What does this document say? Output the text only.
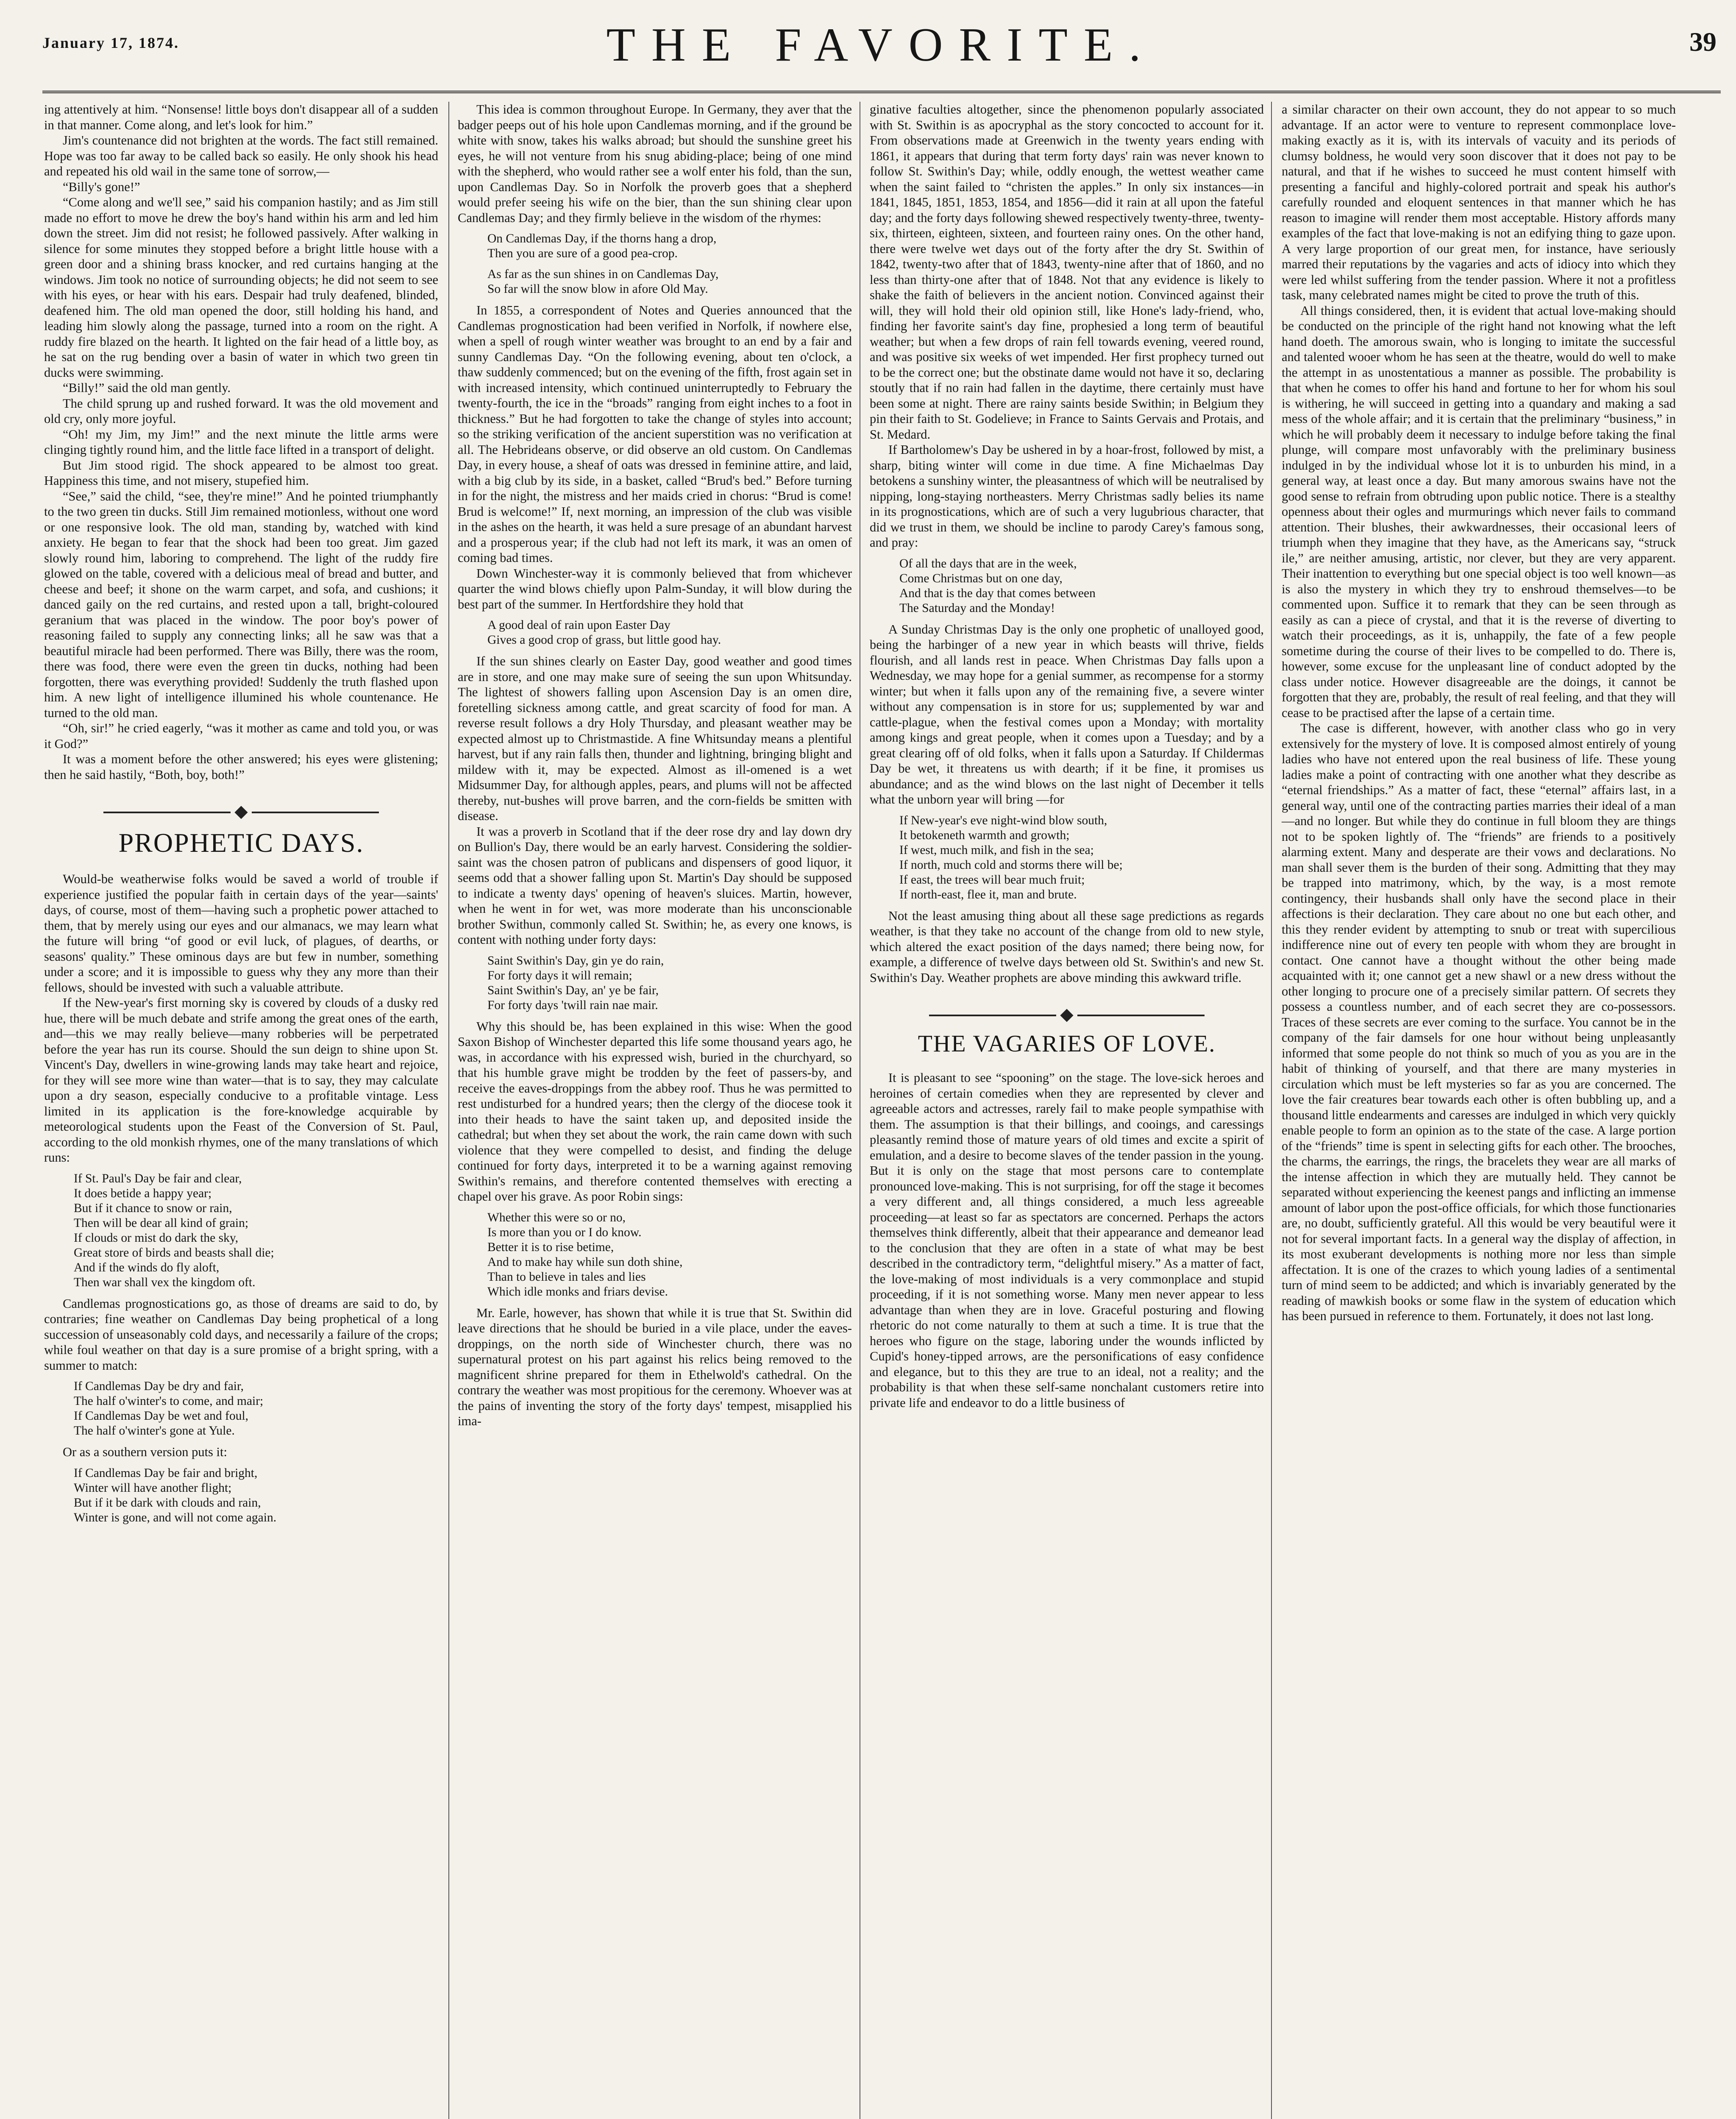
January 17, 1874.	THE FAVORITE.	39

ing attentively at him. “Nonsense! little boys don't disappear all of a sudden in that manner. Come along, and let's look for him.”

Jim's countenance did not brighten at the words. The fact still remained. Hope was too far away to be called back so easily. He only shook his head and repeated his old wail in the same tone of sorrow,—

“Billy's gone!”

“Come along and we'll see,” said his companion hastily; and as Jim still made no effort to move he drew the boy's hand within his arm and led him down the street. Jim did not resist; he followed passively. After walking in silence for some minutes they stopped before a bright little house with a green door and a shining brass knocker, and red curtains hanging at the windows. Jim took no notice of surrounding objects; he did not seem to see with his eyes, or hear with his ears. Despair had truly deafened, blinded, deafened him. The old man opened the door, still holding his hand, and leading him slowly along the passage, turned into a room on the right. A ruddy fire blazed on the hearth. It lighted on the fair head of a little boy, as he sat on the rug bending over a basin of water in which two green tin ducks were swimming.

“Billy!” said the old man gently.

The child sprung up and rushed forward. It was the old movement and old cry, only more joyful.

“Oh! my Jim, my Jim!” and the next minute the little arms were clinging tightly round him, and the little face lifted in a transport of delight.

But Jim stood rigid. The shock appeared to be almost too great. Happiness this time, and not misery, stupefied him.

“See,” said the child, “see, they're mine!” And he pointed triumphantly to the two green tin ducks. Still Jim remained motionless, without one word or one responsive look. The old man, standing by, watched with kind anxiety. He began to fear that the shock had been too great. Jim gazed slowly round him, laboring to comprehend. The light of the ruddy fire glowed on the table, covered with a delicious meal of bread and butter, and cheese and beef; it shone on the warm carpet, and sofa, and cushions; it danced gaily on the red curtains, and rested upon a tall, bright-coloured geranium that was placed in the window. The poor boy's power of reasoning failed to supply any connecting links; all he saw was that a beautiful miracle had been performed. There was Billy, there was the room, there was food, there were even the green tin ducks, nothing had been forgotten, there was everything provided! Suddenly the truth flashed upon him. A new light of intelligence illumined his whole countenance. He turned to the old man.

“Oh, sir!” he cried eagerly, “was it mother as came and told you, or was it God?”

It was a moment before the other answered; his eyes were glistening; then he said hastily, “Both, boy, both!”

PROPHETIC DAYS.

Would-be weatherwise folks would be saved a world of trouble if experience justified the popular faith in certain days of the year—saints' days, of course, most of them—having such a prophetic power attached to them, that by merely using our eyes and our almanacs, we may learn what the future will bring “of good or evil luck, of plagues, of dearths, or seasons' quality.” These ominous days are but few in number, something under a score; and it is impossible to guess why they any more than their fellows, should be invested with such a valuable attribute.

If the New-year's first morning sky is covered by clouds of a dusky red hue, there will be much debate and strife among the great ones of the earth, and—this we may really believe—many robberies will be perpetrated before the year has run its course. Should the sun deign to shine upon St. Vincent's Day, dwellers in wine-growing lands may take heart and rejoice, for they will see more wine than water—that is to say, they may calculate upon a dry season, especially conducive to a profitable vintage. Less limited in its application is the fore-knowledge acquirable by meteorological students upon the Feast of the Conversion of St. Paul, according to the old monkish rhymes, one of the many translations of which runs:

If St. Paul's Day be fair and clear,
It does betide a happy year;
But if it chance to snow or rain,
Then will be dear all kind of grain;
If clouds or mist do dark the sky,
Great store of birds and beasts shall die;
And if the winds do fly aloft,
Then war shall vex the kingdom oft.

Candlemas prognostications go, as those of dreams are said to do, by contraries; fine weather on Candlemas Day being prophetical of a long succession of unseasonably cold days, and necessarily a failure of the crops; while foul weather on that day is a sure promise of a bright spring, with a summer to match:

If Candlemas Day be dry and fair,
The half o'winter's to come, and mair;
If Candlemas Day be wet and foul,
The half o'winter's gone at Yule.

Or as a southern version puts it:

If Candlemas Day be fair and bright,
Winter will have another flight;
But if it be dark with clouds and rain,
Winter is gone, and will not come again.

This idea is common throughout Europe. In Germany, they aver that the badger peeps out of his hole upon Candlemas morning, and if the ground be white with snow, takes his walks abroad; but should the sunshine greet his eyes, he will not venture from his snug abiding-place; being of one mind with the shepherd, who would rather see a wolf enter his fold, than the sun, upon Candlemas Day. So in Norfolk the proverb goes that a shepherd would prefer seeing his wife on the bier, than the sun shining clear upon Candlemas Day; and they firmly believe in the wisdom of the rhymes:

On Candlemas Day, if the thorns hang a drop,
Then you are sure of a good pea-crop.
As far as the sun shines in on Candlemas Day,
So far will the snow blow in afore Old May.

In 1855, a correspondent of Notes and Queries announced that the Candlemas prognostication had been verified in Norfolk, if nowhere else, when a spell of rough winter weather was brought to an end by a fair and sunny Candlemas Day. “On the following evening, about ten o'clock, a thaw suddenly commenced; but on the evening of the fifth, frost again set in with increased intensity, which continued uninterruptedly to February the twenty-fourth, the ice in the “broads” ranging from eight inches to a foot in thickness.” But he had forgotten to take the change of styles into account; so the striking verification of the ancient superstition was no verification at all. The Hebrideans observe, or did observe an old custom. On Candlemas Day, in every house, a sheaf of oats was dressed in feminine attire, and laid, with a big club by its side, in a basket, called “Brud's bed.” Before turning in for the night, the mistress and her maids cried in chorus: “Brud is come! Brud is welcome!” If, next morning, an impression of the club was visible in the ashes on the hearth, it was held a sure presage of an abundant harvest and a prosperous year; if the club had not left its mark, it was an omen of coming bad times.

Down Winchester-way it is commonly believed that from whichever quarter the wind blows chiefly upon Palm-Sunday, it will blow during the best part of the summer. In Hertfordshire they hold that

A good deal of rain upon Easter Day
Gives a good crop of grass, but little good hay.

If the sun shines clearly on Easter Day, good weather and good times are in store, and one may make sure of seeing the sun upon Whitsunday. The lightest of showers falling upon Ascension Day is an omen dire, foretelling sickness among cattle, and great scarcity of food for man. A reverse result follows a dry Holy Thursday, and pleasant weather may be expected almost up to Christmastide. A fine Whitsunday means a plentiful harvest, but if any rain falls then, thunder and lightning, bringing blight and mildew with it, may be expected. Almost as ill-omened is a wet Midsummer Day, for although apples, pears, and plums will not be affected thereby, nut-bushes will prove barren, and the corn-fields be smitten with disease.

It was a proverb in Scotland that if the deer rose dry and lay down dry on Bullion's Day, there would be an early harvest. Considering the soldier-saint was the chosen patron of publicans and dispensers of good liquor, it seems odd that a shower falling upon St. Martin's Day should be supposed to indicate a twenty days' opening of heaven's sluices. Martin, however, when he went in for wet, was more moderate than his unconscionable brother Swithun, commonly called St. Swithin; he, as every one knows, is content with nothing under forty days:

Saint Swithin's Day, gin ye do rain,
For forty days it will remain;
Saint Swithin's Day, an' ye be fair,
For forty days 'twill rain nae mair.

Why this should be, has been explained in this wise: When the good Saxon Bishop of Winchester departed this life some thousand years ago, he was, in accordance with his expressed wish, buried in the churchyard, so that his humble grave might be trodden by the feet of passers-by, and receive the eaves-droppings from the abbey roof. Thus he was permitted to rest undisturbed for a hundred years; then the clergy of the diocese took it into their heads to have the saint taken up, and deposited inside the cathedral; but when they set about the work, the rain came down with such violence that they were compelled to desist, and finding the deluge continued for forty days, interpreted it to be a warning against removing Swithin's remains, and therefore contented themselves with erecting a chapel over his grave. As poor Robin sings:

Whether this were so or no,
Is more than you or I do know.
Better it is to rise betime,
And to make hay while sun doth shine,
Than to believe in tales and lies
Which idle monks and friars devise.

Mr. Earle, however, has shown that while it is true that St. Swithin did leave directions that he should be buried in a vile place, under the eaves-droppings, on the north side of Winchester church, there was no supernatural protest on his part against his relics being removed to the magnificent shrine prepared for them in Ethelwold's cathedral. On the contrary the weather was most propitious for the ceremony. Whoever was at the pains of inventing the story of the forty days' tempest, misapplied his ima-

ginative faculties altogether, since the phenomenon popularly associated with St. Swithin is as apocryphal as the story concocted to account for it. From observations made at Greenwich in the twenty years ending with 1861, it appears that during that term forty days' rain was never known to follow St. Swithin's Day; while, oddly enough, the wettest weather came when the saint failed to “christen the apples.” In only six instances—in 1841, 1845, 1851, 1853, 1854, and 1856—did it rain at all upon the fateful day; and the forty days following shewed respectively twenty-three, twenty-six, thirteen, eighteen, sixteen, and fourteen rainy ones. On the other hand, there were twelve wet days out of the forty after the dry St. Swithin of 1842, twenty-two after that of 1843, twenty-nine after that of 1860, and no less than thirty-one after that of 1848. Not that any evidence is likely to shake the faith of believers in the ancient notion. Convinced against their will, they will hold their old opinion still, like Hone's lady-friend, who, finding her favorite saint's day fine, prophesied a long term of beautiful weather; but when a few drops of rain fell towards evening, veered round, and was positive six weeks of wet impended. Her first prophecy turned out to be the correct one; but the obstinate dame would not have it so, declaring stoutly that if no rain had fallen in the daytime, there certainly must have been some at night. There are rainy saints beside Swithin; in Belgium they pin their faith to St. Godelieve; in France to Saints Gervais and Protais, and St. Medard.

If Bartholomew's Day be ushered in by a hoar-frost, followed by mist, a sharp, biting winter will come in due time. A fine Michaelmas Day betokens a sunshiny winter, the pleasantness of which will be neutralised by nipping, long-staying northeasters. Merry Christmas sadly belies its name in its prognostications, which are of such a very lugubrious character, that did we trust in them, we should be incline to parody Carey's famous song, and pray:

Of all the days that are in the week,
Come Christmas but on one day,
And that is the day that comes between
The Saturday and the Monday!

A Sunday Christmas Day is the only one prophetic of unalloyed good, being the harbinger of a new year in which beasts will thrive, fields flourish, and all lands rest in peace. When Christmas Day falls upon a Wednesday, we may hope for a genial summer, as recompense for a stormy winter; but when it falls upon any of the remaining five, a severe winter without any compensation is in store for us; supplemented by war and cattle-plague, when the festival comes upon a Monday; with mortality among kings and great people, when it comes upon a Tuesday; and by a great clearing off of old folks, when it falls upon a Saturday. If Childermas Day be wet, it threatens us with dearth; if it be fine, it promises us abundance; and as the wind blows on the last night of December it tells what the unborn year will bring —for

If New-year's eve night-wind blow south,
It betokeneth warmth and growth;
If west, much milk, and fish in the sea;
If north, much cold and storms there will be;
If east, the trees will bear much fruit;
If north-east, flee it, man and brute.

Not the least amusing thing about all these sage predictions as regards weather, is that they take no account of the change from old to new style, which altered the exact position of the days named; there being now, for example, a difference of twelve days between old St. Swithin's and new St. Swithin's Day. Weather prophets are above minding this awkward trifle.

THE VAGARIES OF LOVE.

It is pleasant to see “spooning” on the stage. The love-sick heroes and heroines of certain comedies when they are represented by clever and agreeable actors and actresses, rarely fail to make people sympathise with them. The assumption is that their billings, and cooings, and caressings pleasantly remind those of mature years of old times and excite a spirit of emulation, and a desire to become slaves of the tender passion in the young. But it is only on the stage that most persons care to contemplate pronounced love-making. This is not surprising, for off the stage it becomes a very different and, all things considered, a much less agreeable proceeding—at least so far as spectators are concerned. Perhaps the actors themselves think differently, albeit that their appearance and demeanor lead to the conclusion that they are often in a state of what may be best described in the contradictory term, “delightful misery.” As a matter of fact, the love-making of most individuals is a very commonplace and stupid proceeding, if it is not something worse. Many men never appear to less advantage than when they are in love. Graceful posturing and flowing rhetoric do not come naturally to them at such a time. It is true that the heroes who figure on the stage, laboring under the wounds inflicted by Cupid's honey-tipped arrows, are the personifications of easy confidence and elegance, but to this they are true to an ideal, not a reality; and the probability is that when these self-same nonchalant customers retire into private life and endeavor to do a little business of

a similar character on their own account, they do not appear to so much advantage. If an actor were to venture to represent commonplace love-making exactly as it is, with its intervals of vacuity and its periods of clumsy boldness, he would very soon discover that it does not pay to be natural, and that if he wishes to succeed he must content himself with presenting a fanciful and highly-colored portrait and speak his author's carefully rounded and eloquent sentences in that manner which he has reason to imagine will render them most acceptable. History affords many examples of the fact that love-making is not an edifying thing to gaze upon. A very large proportion of our great men, for instance, have seriously marred their reputations by the vagaries and acts of idiocy into which they were led whilst suffering from the tender passion. Where it not a profitless task, many celebrated names might be cited to prove the truth of this.

All things considered, then, it is evident that actual love-making should be conducted on the principle of the right hand not knowing what the left hand doeth. The amorous swain, who is longing to imitate the successful and talented wooer whom he has seen at the theatre, would do well to make the attempt in as unostentatious a manner as possible. The probability is that when he comes to offer his hand and fortune to her for whom his soul is withering, he will succeed in getting into a quandary and making a sad mess of the whole affair; and it is certain that the preliminary “business,” in which he will probably deem it necessary to indulge before taking the final plunge, will compare most unfavorably with the preliminary business indulged in by the individual whose lot it is to unburden his mind, in a general way, at least once a day. But many amorous swains have not the good sense to refrain from obtruding upon public notice. There is a stealthy openness about their ogles and murmurings which never fails to command attention. Their blushes, their awkwardnesses, their occasional leers of triumph when they imagine that they have, as the Americans say, “struck ile,” are neither amusing, artistic, nor clever, but they are very apparent. Their inattention to everything but one special object is too well known—as is also the mystery in which they try to enshroud themselves—to be commented upon. Suffice it to remark that they can be seen through as easily as can a piece of crystal, and that it is the reverse of diverting to watch their proceedings, as it is, unhappily, the fate of a few people sometime during the course of their lives to be compelled to do. There is, however, some excuse for the unpleasant line of conduct adopted by the class under notice. However disagreeable are the doings, it cannot be forgotten that they are, probably, the result of real feeling, and that they will cease to be practised after the lapse of a certain time.

The case is different, however, with another class who go in very extensively for the mystery of love. It is composed almost entirely of young ladies who have not entered upon the real business of life. These young ladies make a point of contracting with one another what they describe as “eternal friendships.” As a matter of fact, these “eternal” affairs last, in a general way, until one of the contracting parties marries their ideal of a man—and no longer. But while they do continue in full bloom they are things not to be spoken lightly of. The “friends” are friends to a positively alarming extent. Many and desperate are their vows and declarations. No man shall sever them is the burden of their song. Admitting that they may be trapped into matrimony, which, by the way, is a most remote contingency, their husbands shall only have the second place in their affections is their declaration. They care about no one but each other, and this they render evident by attempting to snub or treat with supercilious indifference nine out of every ten people with whom they are brought in contact. One cannot have a thought without the other being made acquainted with it; one cannot get a new shawl or a new dress without the other longing to procure one of a precisely similar pattern. Of secrets they possess a countless number, and of each secret they are co-possessors. Traces of these secrets are ever coming to the surface. You cannot be in the company of the fair damsels for one hour without being unpleasantly informed that some people do not think so much of you as you are in the habit of thinking of yourself, and that there are many mysteries in circulation which must be left mysteries so far as you are concerned. The love the fair creatures bear towards each other is often bubbling up, and a thousand little endearments and caresses are indulged in which very quickly enable people to form an opinion as to the state of the case. A large portion of the “friends” time is spent in selecting gifts for each other. The brooches, the charms, the earrings, the rings, the bracelets they wear are all marks of the intense affection in which they are mutually held. They cannot be separated without experiencing the keenest pangs and inflicting an immense amount of labor upon the post-office officials, for which those functionaries are, no doubt, sufficiently grateful. All this would be very beautiful were it not for several important facts. In a general way the display of affection, in its most exuberant developments is nothing more nor less than simple affectation. It is one of the crazes to which young ladies of a sentimental turn of mind seem to be addicted; and which is invariably generated by the reading of mawkish books or some flaw in the system of education which has been pursued in reference to them. Fortunately, it does not last long.
